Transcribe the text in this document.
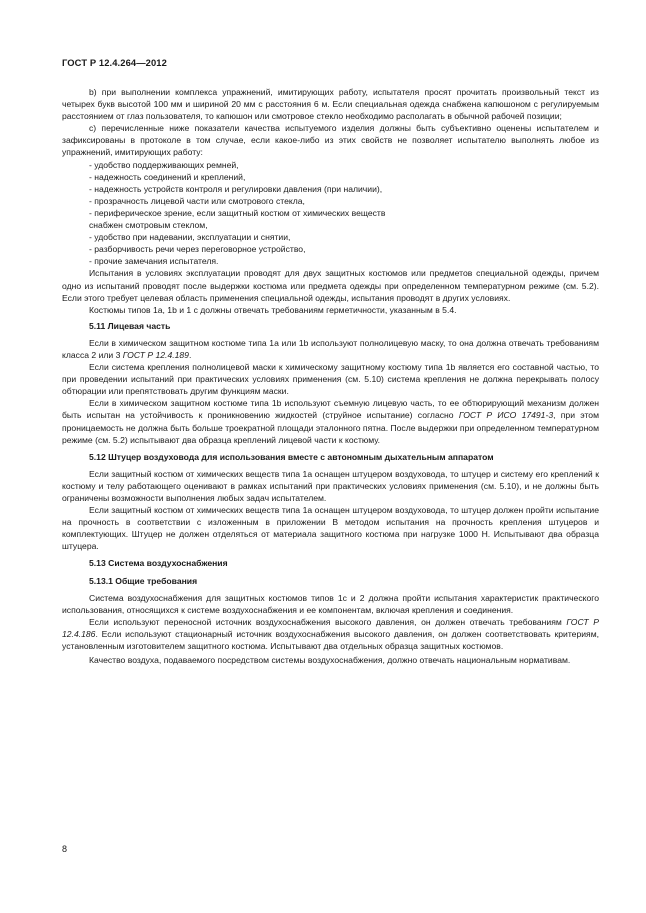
ГОСТ Р 12.4.264—2012

b) при выполнении комплекса упражнений, имитирующих работу, испытателя просят прочитать произвольный текст из четырех букв высотой 100 мм и шириной 20 мм с расстояния 6 м. Если специальная одежда снабжена капюшоном с регулируемым расстоянием от глаз пользователя, то капюшон или смотровое стекло необходимо располагать в обычной рабочей позиции;

c) перечисленные ниже показатели качества испытуемого изделия должны быть субъективно оценены испытателем и зафиксированы в протоколе в том случае, если какое-либо из этих свойств не позволяет испытателю выполнять любое из упражнений, имитирующих работу:

- удобство поддерживающих ремней,

- надежность соединений и креплений,

- надежность устройств контроля и регулировки давления (при наличии),

- прозрачность лицевой части или смотрового стекла,

- периферическое зрение, если защитный костюм от химических веществ

снабжен смотровым стеклом,

- удобство при надевании, эксплуатации и снятии,

- разборчивость речи через переговорное устройство,

- прочие замечания испытателя.

Испытания в условиях эксплуатации проводят для двух защитных костюмов или предметов специальной одежды, причем одно из испытаний проводят после выдержки костюма или предмета одежды при определенном температурном режиме (см. 5.2). Если этого требует целевая область применения специальной одежды, испытания проводят в других условиях.

Костюмы типов 1а, 1b и 1 с должны отвечать требованиям герметичности, указанным в 5.4.

5.11 Лицевая часть

Если в химическом защитном костюме типа 1а или 1b используют полнолицевую маску, то она должна отвечать требованиям класса 2 или 3 ГОСТ Р 12.4.189.

Если система крепления полнолицевой маски к химическому защитному костюму типа 1b является его составной частью, то при проведении испытаний при практических условиях применения (см. 5.10) система крепления не должна перекрывать полосу обтюрации или препятствовать другим функциям маски.

Если в химическом защитном костюме типа 1b используют съемную лицевую часть, то ее обтюрирующий механизм должен быть испытан на устойчивость к проникновению жидкостей (струйное испытание) согласно ГОСТ Р ИСО 17491-3, при этом проницаемость не должна быть больше троекратной площади эталонного пятна. После выдержки при определенном температурном режиме (см. 5.2) испытывают два образца креплений лицевой части к костюму.

5.12 Штуцер воздуховода для использования вместе с автономным дыхательным аппаратом

Если защитный костюм от химических веществ типа 1а оснащен штуцером воздуховода, то штуцер и систему его креплений к костюму и телу работающего оценивают в рамках испытаний при практических условиях применения (см. 5.10), и не должны быть ограничены возможности выполнения любых задач испытателем.

Если защитный костюм от химических веществ типа 1а оснащен штуцером воздуховода, то штуцер должен пройти испытание на прочность в соответствии с изложенным в приложении В методом испытания на прочность крепления штуцеров и комплектующих. Штуцер не должен отделяться от материала защитного костюма при нагрузке 1000 Н. Испытывают два образца штуцера.

5.13 Система воздухоснабжения

5.13.1 Общие требования

Система воздухоснабжения для защитных костюмов типов 1с и 2 должна пройти испытания характеристик практического использования, относящихся к системе воздухоснабжения и ее компонентам, включая крепления и соединения.

Если используют переносной источник воздухоснабжения высокого давления, он должен отвечать требованиям ГОСТ Р 12.4.186. Если используют стационарный источник воздухоснабжения высокого давления, он должен соответствовать критериям, установленным изготовителем защитного костюма. Испытывают два отдельных образца защитных костюмов.

Качество воздуха, подаваемого посредством системы воздухоснабжения, должно отвечать национальным нормативам.

8
